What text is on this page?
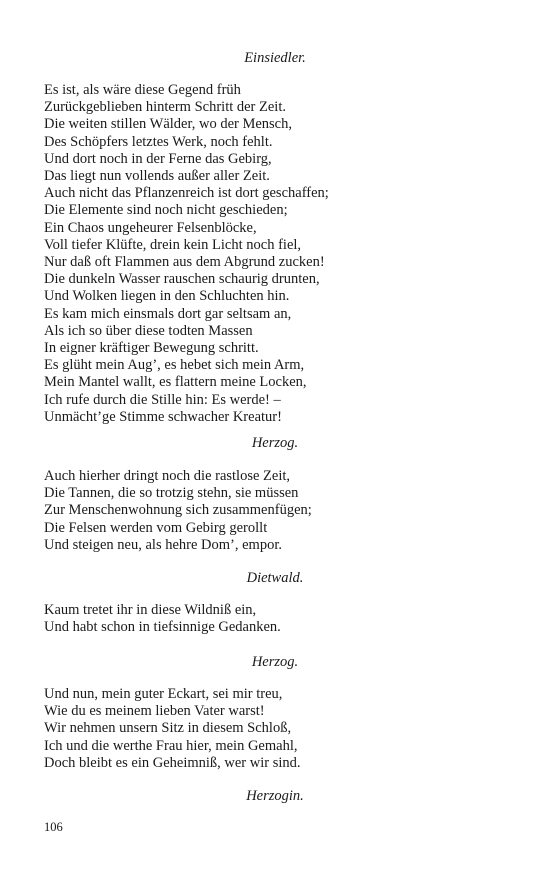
Einsiedler.

Es ist, als wäre diese Gegend früh
Zurückgeblieben hinterm Schritt der Zeit.
Die weiten stillen Wälder, wo der Mensch,
Des Schöpfers letztes Werk, noch fehlt.
Und dort noch in der Ferne das Gebirg,
Das liegt nun vollends außer aller Zeit.
Auch nicht das Pflanzenreich ist dort geschaffen;
Die Elemente sind noch nicht geschieden;
Ein Chaos ungeheurer Felsenblöcke,
Voll tiefer Klüfte, drein kein Licht noch fiel,
Nur daß oft Flammen aus dem Abgrund zucken!
Die dunkeln Wasser rauschen schaurig drunten,
Und Wolken liegen in den Schluchten hin.
Es kam mich einsmals dort gar seltsam an,
Als ich so über diese todten Massen
In eigner kräftiger Bewegung schritt.
Es glüht mein Aug’, es hebet sich mein Arm,
Mein Mantel wallt, es flattern meine Locken,
Ich rufe durch die Stille hin: Es werde! –
Unmächt’ge Stimme schwacher Kreatur!

Herzog.

Auch hierher dringt noch die rastlose Zeit,
Die Tannen, die so trotzig stehn, sie müssen
Zur Menschenwohnung sich zusammenfügen;
Die Felsen werden vom Gebirg gerollt
Und steigen neu, als hehre Dom’, empor.

Dietwald.

Kaum tretet ihr in diese Wildniß ein,
Und habt schon in tiefsinnige Gedanken.

Herzog.

Und nun, mein guter Eckart, sei mir treu,
Wie du es meinem lieben Vater warst!
Wir nehmen unsern Sitz in diesem Schloß,
Ich und die werthe Frau hier, mein Gemahl,
Doch bleibt es ein Geheimniß, wer wir sind.

Herzogin.

106
